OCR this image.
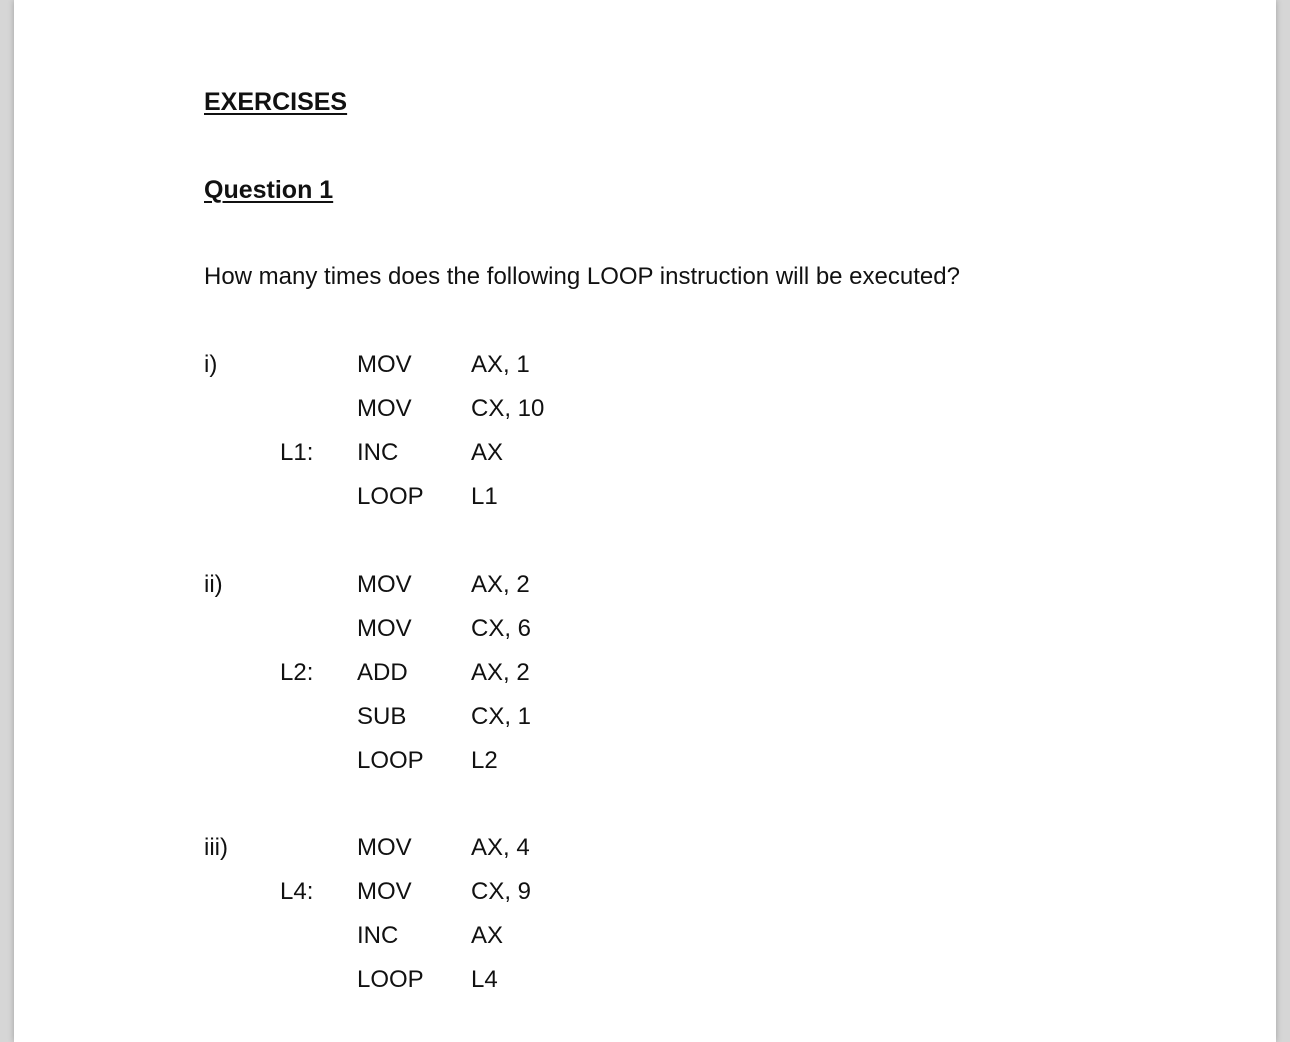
EXERCISES
Question 1

How many times does the following LOOP instruction will be executed?

i)	MOV AX, 1
MOV CX, 10
L1: INC	AX
LOOP L1
ii)	MOV AX, 2
MOV CX, 6
L2: ADD	AX, 2
SUB	CX, 1
LOOP L2
iii)	MOV AX, 4
L4: MOV CX, 9
INC	AX
LOOP L4
